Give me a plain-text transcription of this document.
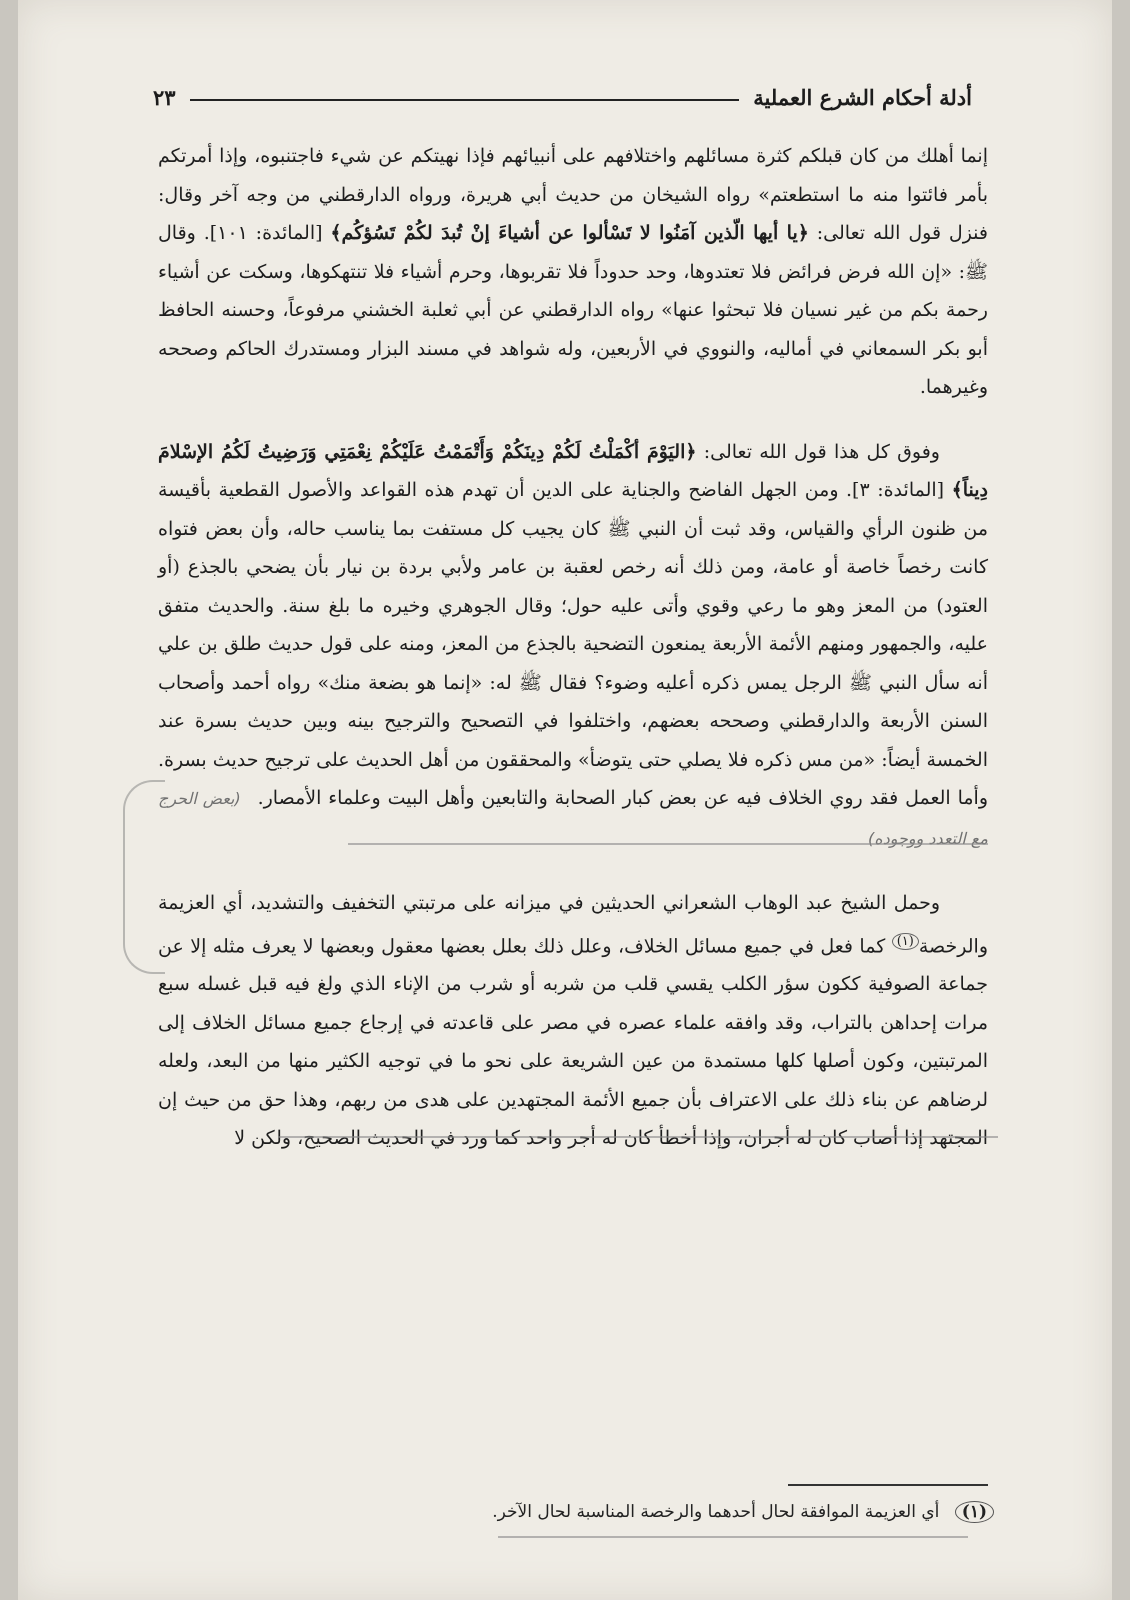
أدلة أحكام الشرع العملية
٢٣

إنما أهلك من كان قبلكم كثرة مسائلهم واختلافهم على أنبيائهم فإذا نهيتكم عن شيء فاجتنبوه، وإذا أمرتكم بأمر فائتوا منه ما استطعتم» رواه الشيخان من حديث أبي هريرة، ورواه الدارقطني من وجه آخر وقال: فنزل قول الله تعالى: ﴿يا أيها الّذين آمَنُوا لا تَسْألوا عن أشياءَ إنْ تُبدَ لكُمْ تَسُؤكُم﴾ [المائدة: ١٠١]. وقال ﷺ: «إن الله فرض فرائض فلا تعتدوها، وحد حدوداً فلا تقربوها، وحرم أشياء فلا تنتهكوها، وسكت عن أشياء رحمة بكم من غير نسيان فلا تبحثوا عنها» رواه الدارقطني عن أبي ثعلبة الخشني مرفوعاً، وحسنه الحافظ أبو بكر السمعاني في أماليه، والنووي في الأربعين، وله شواهد في مسند البزار ومستدرك الحاكم وصححه وغيرهما.

وفوق كل هذا قول الله تعالى: ﴿اليَوْمَ أكْمَلْتُ لَكُمْ دِينَكُمْ وَأَتْمَمْتُ عَلَيْكُمْ نِعْمَتِي وَرَضِيتُ لَكُمُ الإسْلامَ دِيناً﴾ [المائدة: ٣]. ومن الجهل الفاضح والجناية على الدين أن تهدم هذه القواعد والأصول القطعية بأقيسة من ظنون الرأي والقياس، وقد ثبت أن النبي ﷺ كان يجيب كل مستفت بما يناسب حاله، وأن بعض فتواه كانت رخصاً خاصة أو عامة، ومن ذلك أنه رخص لعقبة بن عامر ولأبي بردة بن نيار بأن يضحي بالجذع (أو العتود) من المعز وهو ما رعي وقوي وأتى عليه حول؛ وقال الجوهري وخيره ما بلغ سنة. والحديث متفق عليه، والجمهور ومنهم الأئمة الأربعة يمنعون التضحية بالجذع من المعز، ومنه على قول حديث طلق بن علي أنه سأل النبي ﷺ الرجل يمس ذكره أعليه وضوء؟ فقال ﷺ له: «إنما هو بضعة منك» رواه أحمد وأصحاب السنن الأربعة والدارقطني وصححه بعضهم، واختلفوا في التصحيح والترجيح بينه وبين حديث بسرة عند الخمسة أيضاً: «من مس ذكره فلا يصلي حتى يتوضأ» والمحققون من أهل الحديث على ترجيح حديث بسرة. وأما العمل فقد روي الخلاف فيه عن بعض كبار الصحابة والتابعين وأهل البيت وعلماء الأمصار. (بعض الحرج مع التعدد ووجوده)

وحمل الشيخ عبد الوهاب الشعراني الحديثين في ميزانه على مرتبتي التخفيف والتشديد، أي العزيمة والرخصة$^{(١)}$ كما فعل في جميع مسائل الخلاف، وعلل ذلك بعلل بعضها معقول وبعضها لا يعرف مثله إلا عن جماعة الصوفية ككون سؤر الكلب يقسي قلب من شربه أو شرب من الإناء الذي ولغ فيه قبل غسله سبع مرات إحداهن بالتراب، وقد وافقه علماء عصره في مصر على قاعدته في إرجاع جميع مسائل الخلاف إلى المرتبتين، وكون أصلها كلها مستمدة من عين الشريعة على نحو ما في توجيه الكثير منها من البعد، ولعله لرضاهم عن بناء ذلك على الاعتراف بأن جميع الأئمة المجتهدين على هدى من ربهم، وهذا حق من حيث إن المجتهد إذا أصاب كان له أجران، وإذا أخطأ كان له أجر واحد كما ورد في الحديث الصحيح، ولكن لا

(١) أي العزيمة الموافقة لحال أحدهما والرخصة المناسبة لحال الآخر.
